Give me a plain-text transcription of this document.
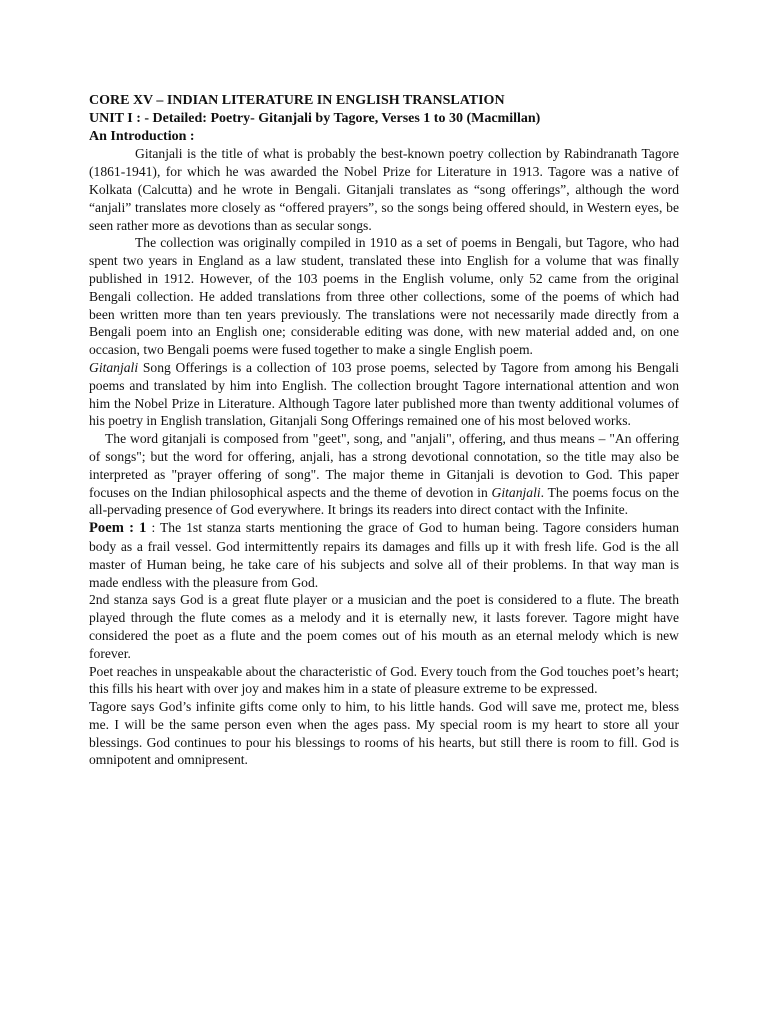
CORE XV – INDIAN LITERATURE IN ENGLISH TRANSLATION
UNIT I : - Detailed: Poetry- Gitanjali by Tagore, Verses 1 to 30 (Macmillan)
An Introduction :

Gitanjali is the title of what is probably the best-known poetry collection by Rabindranath Tagore (1861-1941), for which he was awarded the Nobel Prize for Literature in 1913. Tagore was a native of Kolkata (Calcutta) and he wrote in Bengali. Gitanjali translates as “song offerings”, although the word “anjali” translates more closely as “offered prayers”, so the songs being offered should, in Western eyes, be seen rather more as devotions than as secular songs.

The collection was originally compiled in 1910 as a set of poems in Bengali, but Tagore, who had spent two years in England as a law student, translated these into English for a volume that was finally published in 1912. However, of the 103 poems in the English volume, only 52 came from the original Bengali collection. He added translations from three other collections, some of the poems of which had been written more than ten years previously. The translations were not necessarily made directly from a Bengali poem into an English one; considerable editing was done, with new material added and, on one occasion, two Bengali poems were fused together to make a single English poem.

Gitanjali Song Offerings is a collection of 103 prose poems, selected by Tagore from among his Bengali poems and translated by him into English. The collection brought Tagore international attention and won him the Nobel Prize in Literature. Although Tagore later published more than twenty additional volumes of his poetry in English translation, Gitanjali Song Offerings remained one of his most beloved works.

The word gitanjali is composed from "geet", song, and "anjali", offering, and thus means – "An offering of songs"; but the word for offering, anjali, has a strong devotional connotation, so the title may also be interpreted as "prayer offering of song". The major theme in Gitanjali is devotion to God. This paper focuses on the Indian philosophical aspects and the theme of devotion in Gitanjali. The poems focus on the all-pervading presence of God everywhere. It brings its readers into direct contact with the Infinite.

Poem : 1 : The 1st stanza starts mentioning the grace of God to human being. Tagore considers human body as a frail vessel. God intermittently repairs its damages and fills up it with fresh life. God is the all master of Human being, he take care of his subjects and solve all of their problems. In that way man is made endless with the pleasure from God.

2nd stanza says God is a great flute player or a musician and the poet is considered to a flute. The breath played through the flute comes as a melody and it is eternally new, it lasts forever. Tagore might have considered the poet as a flute and the poem comes out of his mouth as an eternal melody which is new forever.

Poet reaches in unspeakable about the characteristic of God. Every touch from the God touches poet’s heart; this fills his heart with over joy and makes him in a state of pleasure extreme to be expressed.

Tagore says God’s infinite gifts come only to him, to his little hands. God will save me, protect me, bless me. I will be the same person even when the ages pass. My special room is my heart to store all your blessings. God continues to pour his blessings to rooms of his hearts, but still there is room to fill. God is omnipotent and omnipresent.
